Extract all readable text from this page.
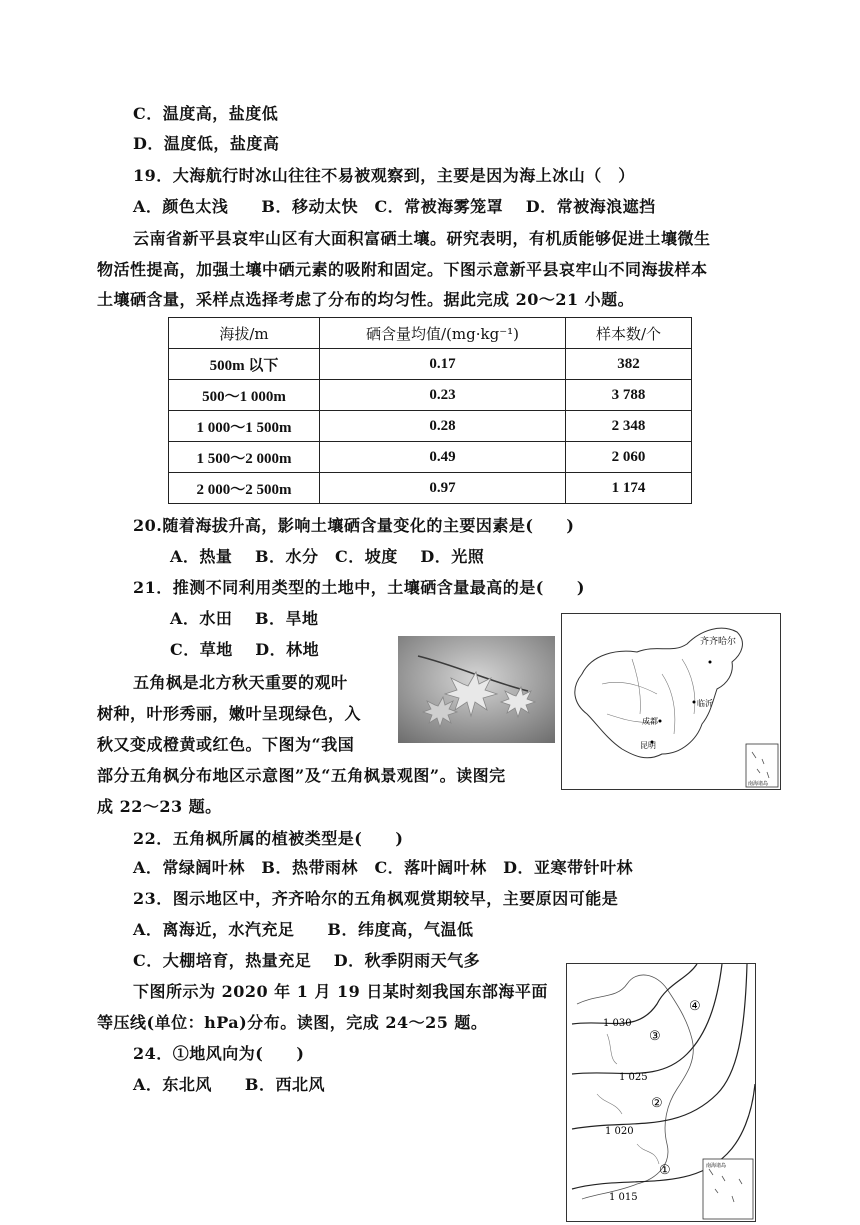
C．温度高，盐度低
D．温度低，盐度高
19．大海航行时冰山往往不易被观察到，主要是因为海上冰山（　）
A．颜色太浅　　B．移动太快　C．常被海雾笼罩　 D．常被海浪遮挡
云南省新平县哀牢山区有大面积富硒土壤。研究表明，有机质能够促进土壤微生
物活性提高，加强土壤中硒元素的吸附和固定。下图示意新平县哀牢山不同海拔样本
土壤硒含量，采样点选择考虑了分布的均匀性。据此完成 20～21 小题。
海拔/m	硒含量均值/(mg·kg⁻¹)	样本数/个
500m 以下	0.17	382
500～1 000m	0.23	3 788
1 000～1 500m	0.28	2 348
1 500～2 000m	0.49	2 060
2 000～2 500m	0.97	1 174
20.随着海拔升高，影响土壤硒含量变化的主要因素是(　　)
A．热量　 B．水分　C．坡度　 D．光照
21．推测不同利用类型的土地中，土壤硒含量最高的是(　　)
A．水田　 B．旱地
C．草地　 D．林地
五角枫是北方秋天重要的观叶
树种，叶形秀丽，嫩叶呈现绿色，入
秋又变成橙黄或红色。下图为“我国
部分五角枫分布地区示意图”及“五角枫景观图”。读图完
成 22～23 题。
齐齐哈尔
成都
昆明
临沂
南海诸岛
22．五角枫所属的植被类型是(　　)
A．常绿阔叶林　B．热带雨林　C．落叶阔叶林　D．亚寒带针叶林
23．图示地区中，齐齐哈尔的五角枫观赏期较早，主要原因可能是
A．离海近，水汽充足　　B．纬度高，气温低
C．大棚培育，热量充足　 D．秋季阴雨天气多
下图所示为 2020 年 1 月 19 日某时刻我国东部海平面
等压线(单位：hPa)分布。读图，完成 24～25 题。
24．①地风向为(　　)
A．东北风　　B．西北风
1 030
1 025
1 020
1 015
①
②
③
④
南海诸岛
